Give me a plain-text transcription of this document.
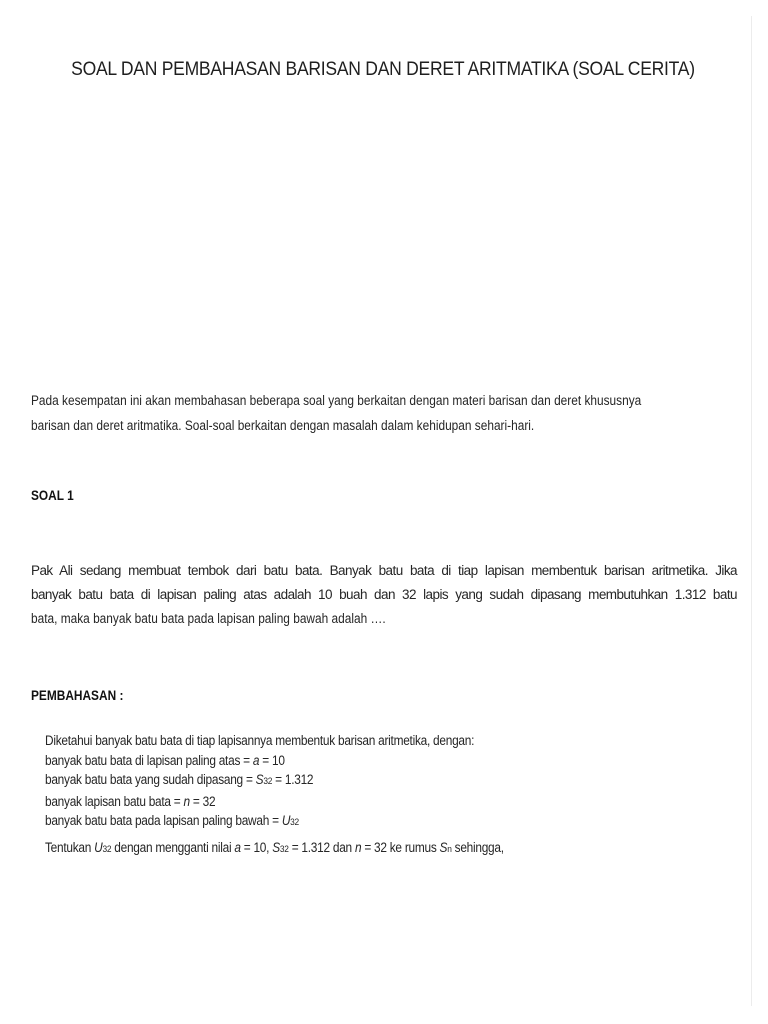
SOAL DAN PEMBAHASAN BARISAN DAN DERET ARITMATIKA (SOAL CERITA)
Pada kesempatan ini akan membahasan beberapa soal yang berkaitan dengan materi barisan dan deret khususnya
barisan dan deret aritmatika. Soal-soal berkaitan dengan masalah dalam kehidupan sehari-hari.
SOAL 1

Pak Ali sedang membuat tembok dari batu bata. Banyak batu bata di tiap lapisan membentuk barisan aritmetika. Jika

banyak batu bata di lapisan paling atas adalah 10 buah dan 32 lapis yang sudah dipasang membutuhkan 1.312 batu

bata, maka banyak batu bata pada lapisan paling bawah adalah ….
PEMBAHASAN :
Diketahui banyak batu bata di tiap lapisannya membentuk barisan aritmetika, dengan:
banyak batu bata di lapisan paling atas = a = 10
banyak batu bata yang sudah dipasang = S32 = 1.312
banyak lapisan batu bata = n = 32
banyak batu bata pada lapisan paling bawah = U32
Tentukan U32 dengan mengganti nilai a = 10, S32 = 1.312 dan n = 32 ke rumus Sn sehingga,
